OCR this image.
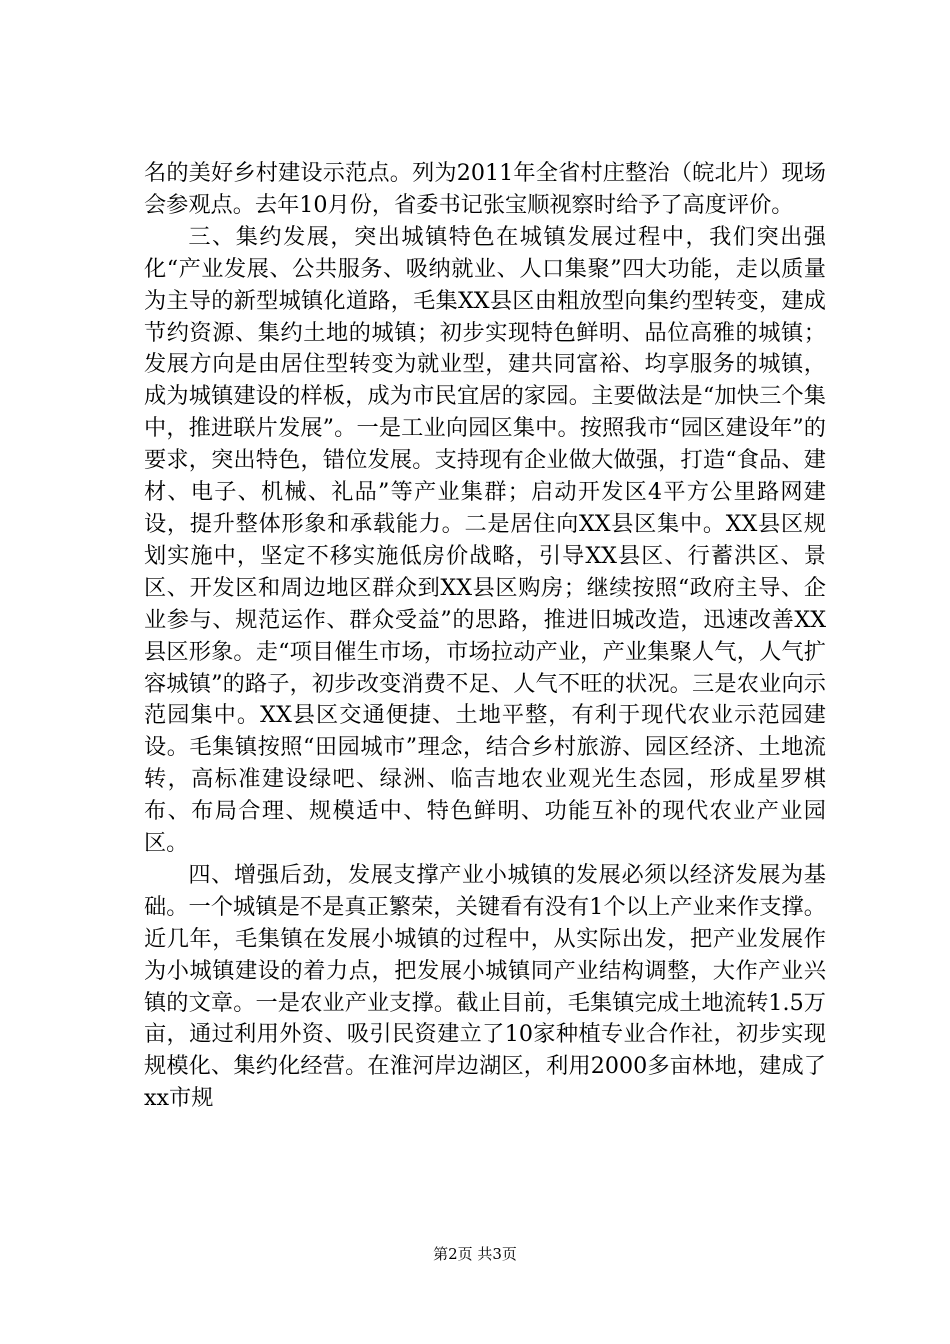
名的美好乡村建设示范点。列为2011年全省村庄整治（皖北片）现场会参观点。去年10月份，省委书记张宝顺视察时给予了高度评价。

三、集约发展，突出城镇特色在城镇发展过程中，我们突出强化“产业发展、公共服务、吸纳就业、人口集聚”四大功能，走以质量为主导的新型城镇化道路，毛集XX县区由粗放型向集约型转变，建成节约资源、集约土地的城镇；初步实现特色鲜明、品位高雅的城镇；发展方向是由居住型转变为就业型，建共同富裕、均享服务的城镇，成为城镇建设的样板，成为市民宜居的家园。主要做法是“加快三个集中，推进联片发展”。一是工业向园区集中。按照我市“园区建设年”的要求，突出特色，错位发展。支持现有企业做大做强，打造“食品、建材、电子、机械、礼品”等产业集群；启动开发区4平方公里路网建设，提升整体形象和承载能力。二是居住向XX县区集中。XX县区规划实施中，坚定不移实施低房价战略，引导XX县区、行蓄洪区、景区、开发区和周边地区群众到XX县区购房；继续按照“政府主导、企业参与、规范运作、群众受益”的思路，推进旧城改造，迅速改善XX县区形象。走“项目催生市场，市场拉动产业，产业集聚人气，人气扩容城镇”的路子，初步改变消费不足、人气不旺的状况。三是农业向示范园集中。XX县区交通便捷、土地平整，有利于现代农业示范园建设。毛集镇按照“田园城市”理念，结合乡村旅游、园区经济、土地流转，高标准建设绿吧、绿洲、临吉地农业观光生态园，形成星罗棋布、布局合理、规模适中、特色鲜明、功能互补的现代农业产业园区。

四、增强后劲，发展支撑产业小城镇的发展必须以经济发展为基础。一个城镇是不是真正繁荣，关键看有没有1个以上产业来作支撑。近几年，毛集镇在发展小城镇的过程中，从实际出发，把产业发展作为小城镇建设的着力点，把发展小城镇同产业结构调整，大作产业兴镇的文章。一是农业产业支撑。截止目前，毛集镇完成土地流转1.5万亩，通过利用外资、吸引民资建立了10家种植专业合作社，初步实现规模化、集约化经营。在淮河岸边湖区，利用2000多亩林地，建成了xx市规

第2页 共3页
